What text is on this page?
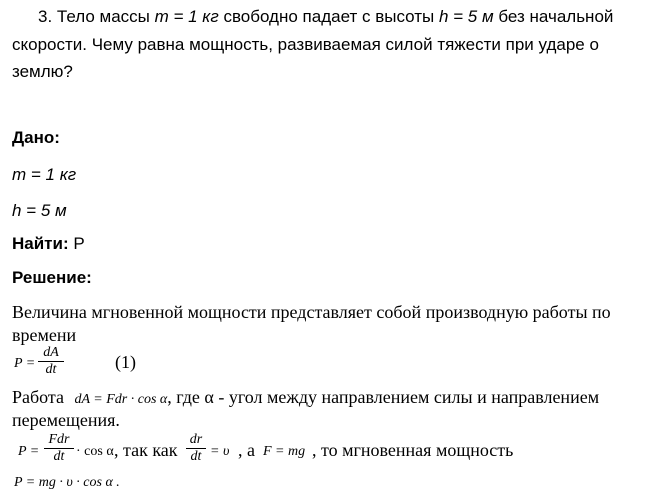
3. Тело массы m = 1 кг свободно падает с высоты h = 5 м без начальной
скорости. Чему равна мощность, развиваемая силой тяжести при ударе о
землю?
Дано:
m = 1 кг
h = 5 м
Найти: P
Решение:
Величина мгновенной мощности представляет собой производную работы по
времени
P =
dA
dt	(1)
Работа dA = Fdr · cos α, где α - угол между направлением силы и направлением
перемещения.
P =
Fdr
dt · cos α , так как
dr
dt = υ , а F = mg , то мгновенная мощность
P = mg · υ · cos α .
